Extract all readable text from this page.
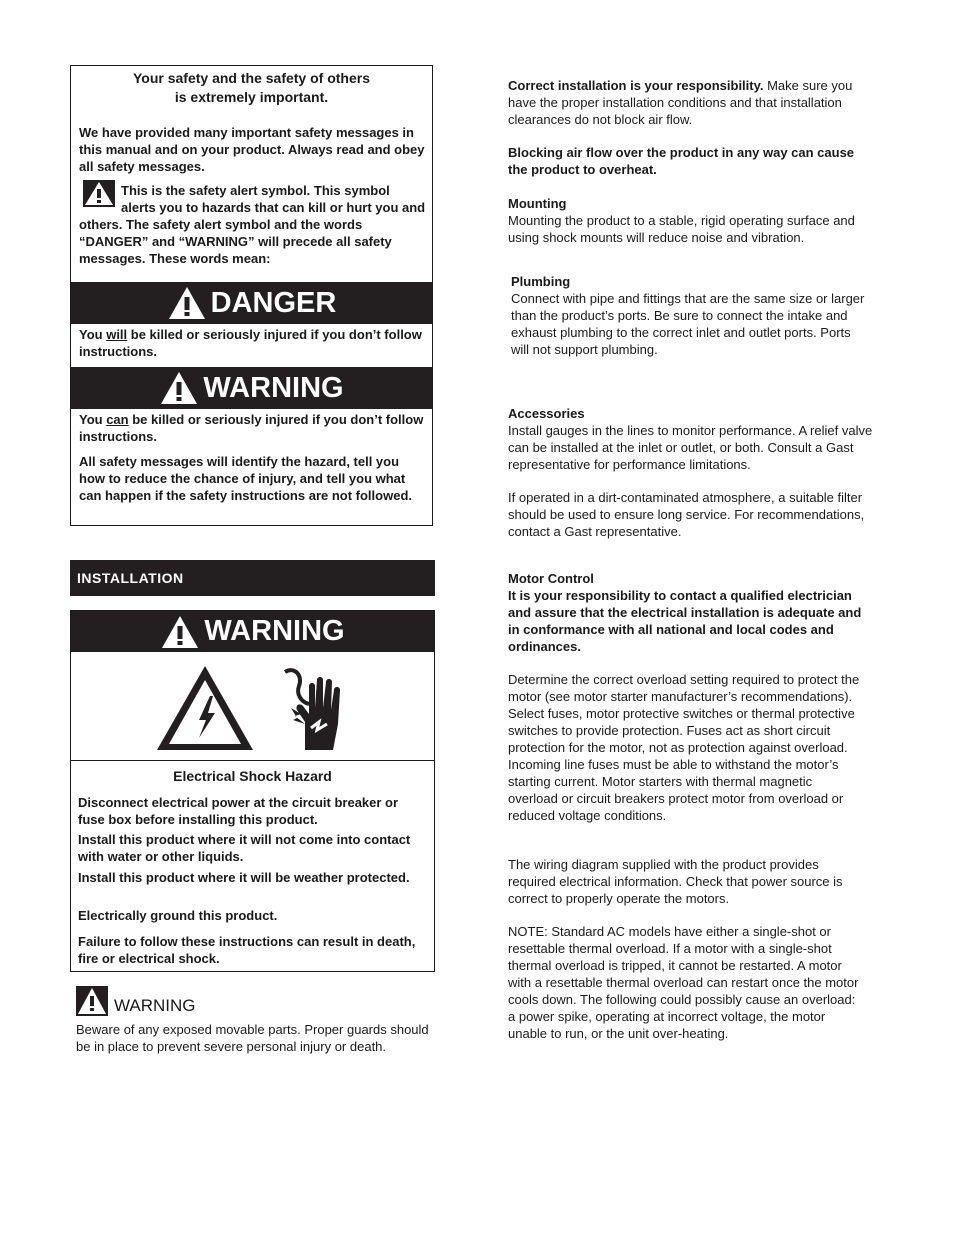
Your safety and the safety of others
is extremely important.
We have provided many important safety messages in this manual and on your product. Always read and obey all safety messages.
This is the safety alert symbol. This symbol alerts you to hazards that can kill or hurt you and others. The safety alert symbol and the words “DANGER” and “WARNING” will precede all safety messages. These words mean:
DANGER
You will be killed or seriously injured if you don’t follow instructions.
WARNING
You can be killed or seriously injured if you don’t follow instructions.
All safety messages will identify the hazard, tell you how to reduce the chance of injury, and tell you what can happen if the safety instructions are not followed.
INSTALLATION
WARNING
Electrical Shock Hazard
Disconnect electrical power at the circuit breaker or fuse box before installing this product.
Install this product where it will not come into contact with water or other liquids.
Install this product where it will be weather protected.
Electrically ground this product.
Failure to follow these instructions can result in death, fire or electrical shock.
WARNING
Beware of any exposed movable parts. Proper guards should be in place to prevent severe personal injury or death.
Correct installation is your responsibility. Make sure you have the proper installation conditions and that installation clearances do not block air flow.
Blocking air flow over the product in any way can cause the product to overheat.
Mounting
Mounting the product to a stable, rigid operating surface and using shock mounts will reduce noise and vibration.
Plumbing
Connect with pipe and fittings that are the same size or larger than the product’s ports. Be sure to connect the intake and exhaust plumbing to the correct inlet and outlet ports. Ports will not support plumbing.
Accessories
Install gauges in the lines to monitor performance. A relief valve can be installed at the inlet or outlet, or both. Consult a Gast representative for performance limitations.
If operated in a dirt-contaminated atmosphere, a suitable filter should be used to ensure long service. For recommendations, contact a Gast representative.
Motor Control
It is your responsibility to contact a qualified electrician and assure that the electrical installation is adequate and in conformance with all national and local codes and ordinances.
Determine the correct overload setting required to protect the motor (see motor starter manufacturer’s recommendations). Select fuses, motor protective switches or thermal protective switches to provide protection. Fuses act as short circuit protection for the motor, not as protection against overload. Incoming line fuses must be able to withstand the motor’s starting current. Motor starters with thermal magnetic overload or circuit breakers protect motor from overload or reduced voltage conditions.
The wiring diagram supplied with the product provides required electrical information. Check that power source is correct to properly operate the motors.
NOTE: Standard AC models have either a single-shot or resettable thermal overload. If a motor with a single-shot thermal overload is tripped, it cannot be restarted. A motor with a resettable thermal overload can restart once the motor cools down. The following could possibly cause an overload: a power spike, operating at incorrect voltage, the motor unable to run, or the unit over-heating.
